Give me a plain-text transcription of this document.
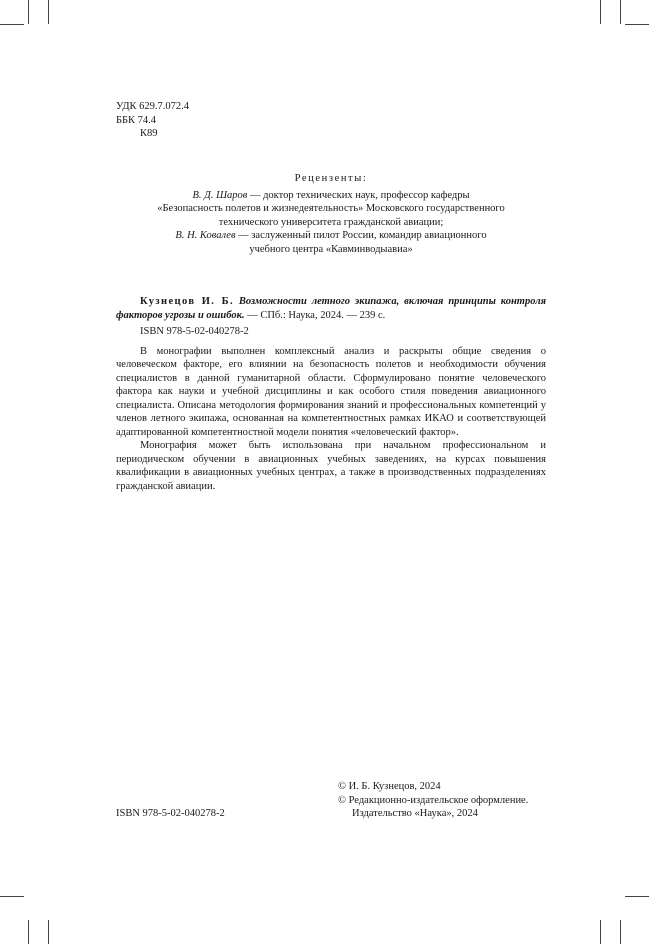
УДК 629.7.072.4
ББК 74.4
К89
Рецензенты:
В. Д. Шаров — доктор технических наук, профессор кафедры
«Безопасность полетов и жизнедеятельность» Московского государственного
технического университета гражданской авиации;
В. Н. Ковалев — заслуженный пилот России, командир авиационного
учебного центра «Кавминводыавиа»

Кузнецов И. Б. Возможности летного экипажа, включая принципы контроля факторов угрозы и ошибок. — СПб.: Наука, 2024. — 239 с.

ISBN 978-5-02-040278-2

В монографии выполнен комплексный анализ и раскрыты общие сведения о человеческом факторе, его влиянии на безопасность полетов и необходимости обучения специалистов в данной гуманитарной области. Сформулировано понятие человеческого фактора как науки и учебной дисциплины и как особого стиля поведения авиационного специалиста. Описана методология формирования знаний и профессиональных компетенций у членов летного экипажа, основанная на компетентностных рамках ИКАО и соответствующей адаптированной компетентностной модели понятия «человеческий фактор».

Монография может быть использована при начальном профессиональном и периодическом обучении в авиационных учебных заведениях, на курсах повышения квалификации в авиационных учебных центрах, а также в производственных подразделениях гражданской авиации.

© И. Б. Кузнецов, 2024
© Редакционно-издательское оформление.
Издательство «Наука», 2024
ISBN 978-5-02-040278-2
